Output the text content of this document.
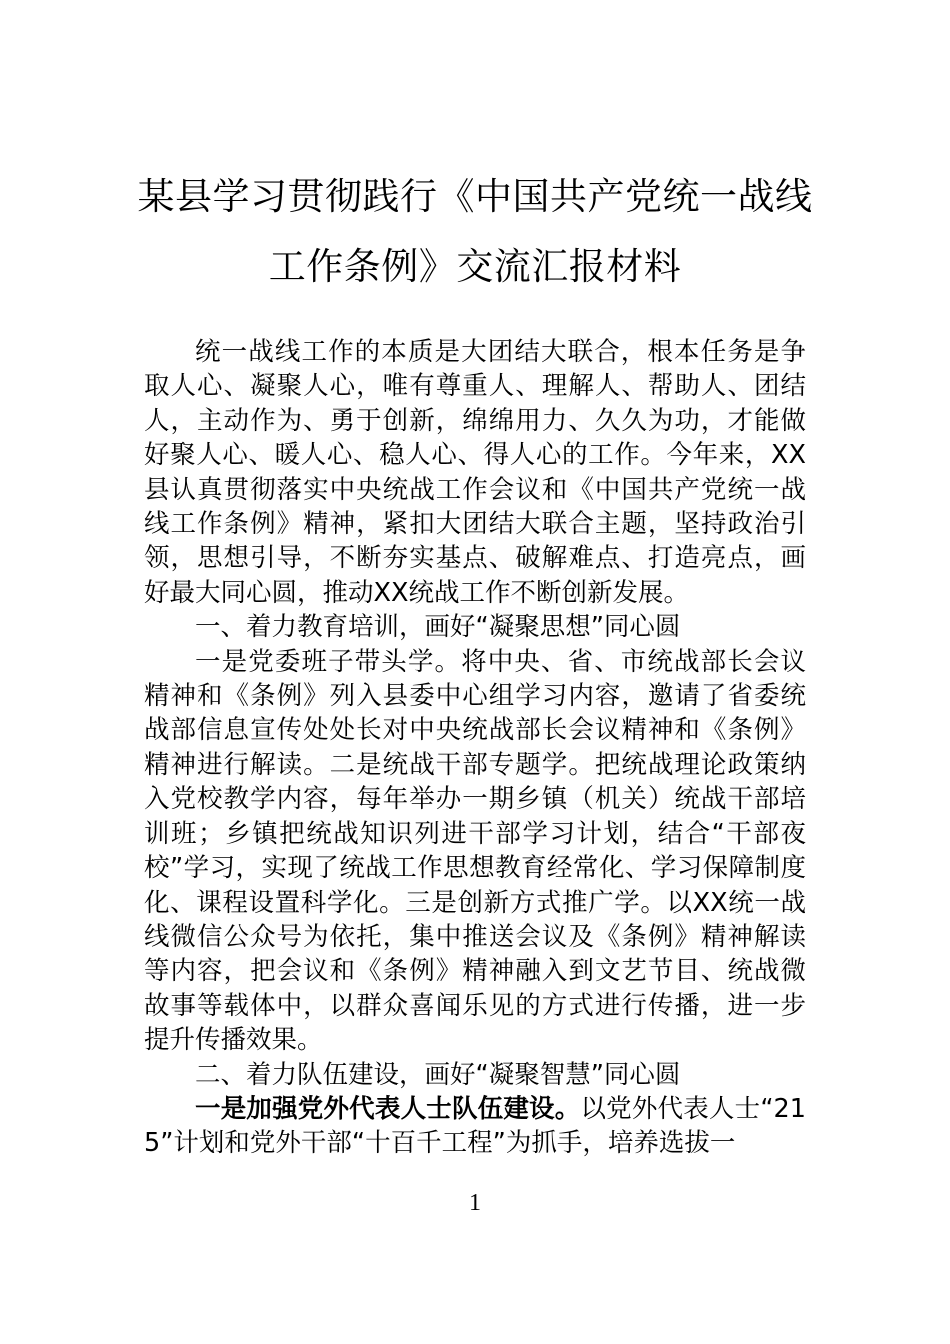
某县学习贯彻践行《中国共产党统一战线
工作条例》交流汇报材料

统一战线工作的本质是大团结大联合，根本任务是争取人心、凝聚人心，唯有尊重人、理解人、帮助人、团结人，主动作为、勇于创新，绵绵用力、久久为功，才能做好聚人心、暖人心、稳人心、得人心的工作。今年来，XX县认真贯彻落实中央统战工作会议和《中国共产党统一战线工作条例》精神，紧扣大团结大联合主题，坚持政治引领，思想引导，不断夯实基点、破解难点、打造亮点，画好最大同心圆，推动XX统战工作不断创新发展。

一、着力教育培训，画好“凝聚思想”同心圆

一是党委班子带头学。将中央、省、市统战部长会议精神和《条例》列入县委中心组学习内容，邀请了省委统战部信息宣传处处长对中央统战部长会议精神和《条例》精神进行解读。二是统战干部专题学。把统战理论政策纳入党校教学内容，每年举办一期乡镇（机关）统战干部培训班；乡镇把统战知识列进干部学习计划，结合“干部夜校”学习，实现了统战工作思想教育经常化、学习保障制度化、课程设置科学化。三是创新方式推广学。以XX统一战线微信公众号为依托，集中推送会议及《条例》精神解读等内容，把会议和《条例》精神融入到文艺节目、统战微故事等载体中，以群众喜闻乐见的方式进行传播，进一步提升传播效果。

二、着力队伍建设，画好“凝聚智慧”同心圆

一是加强党外代表人士队伍建设。以党外代表人士“215”计划和党外干部“十百千工程”为抓手，培养选拔一

1
